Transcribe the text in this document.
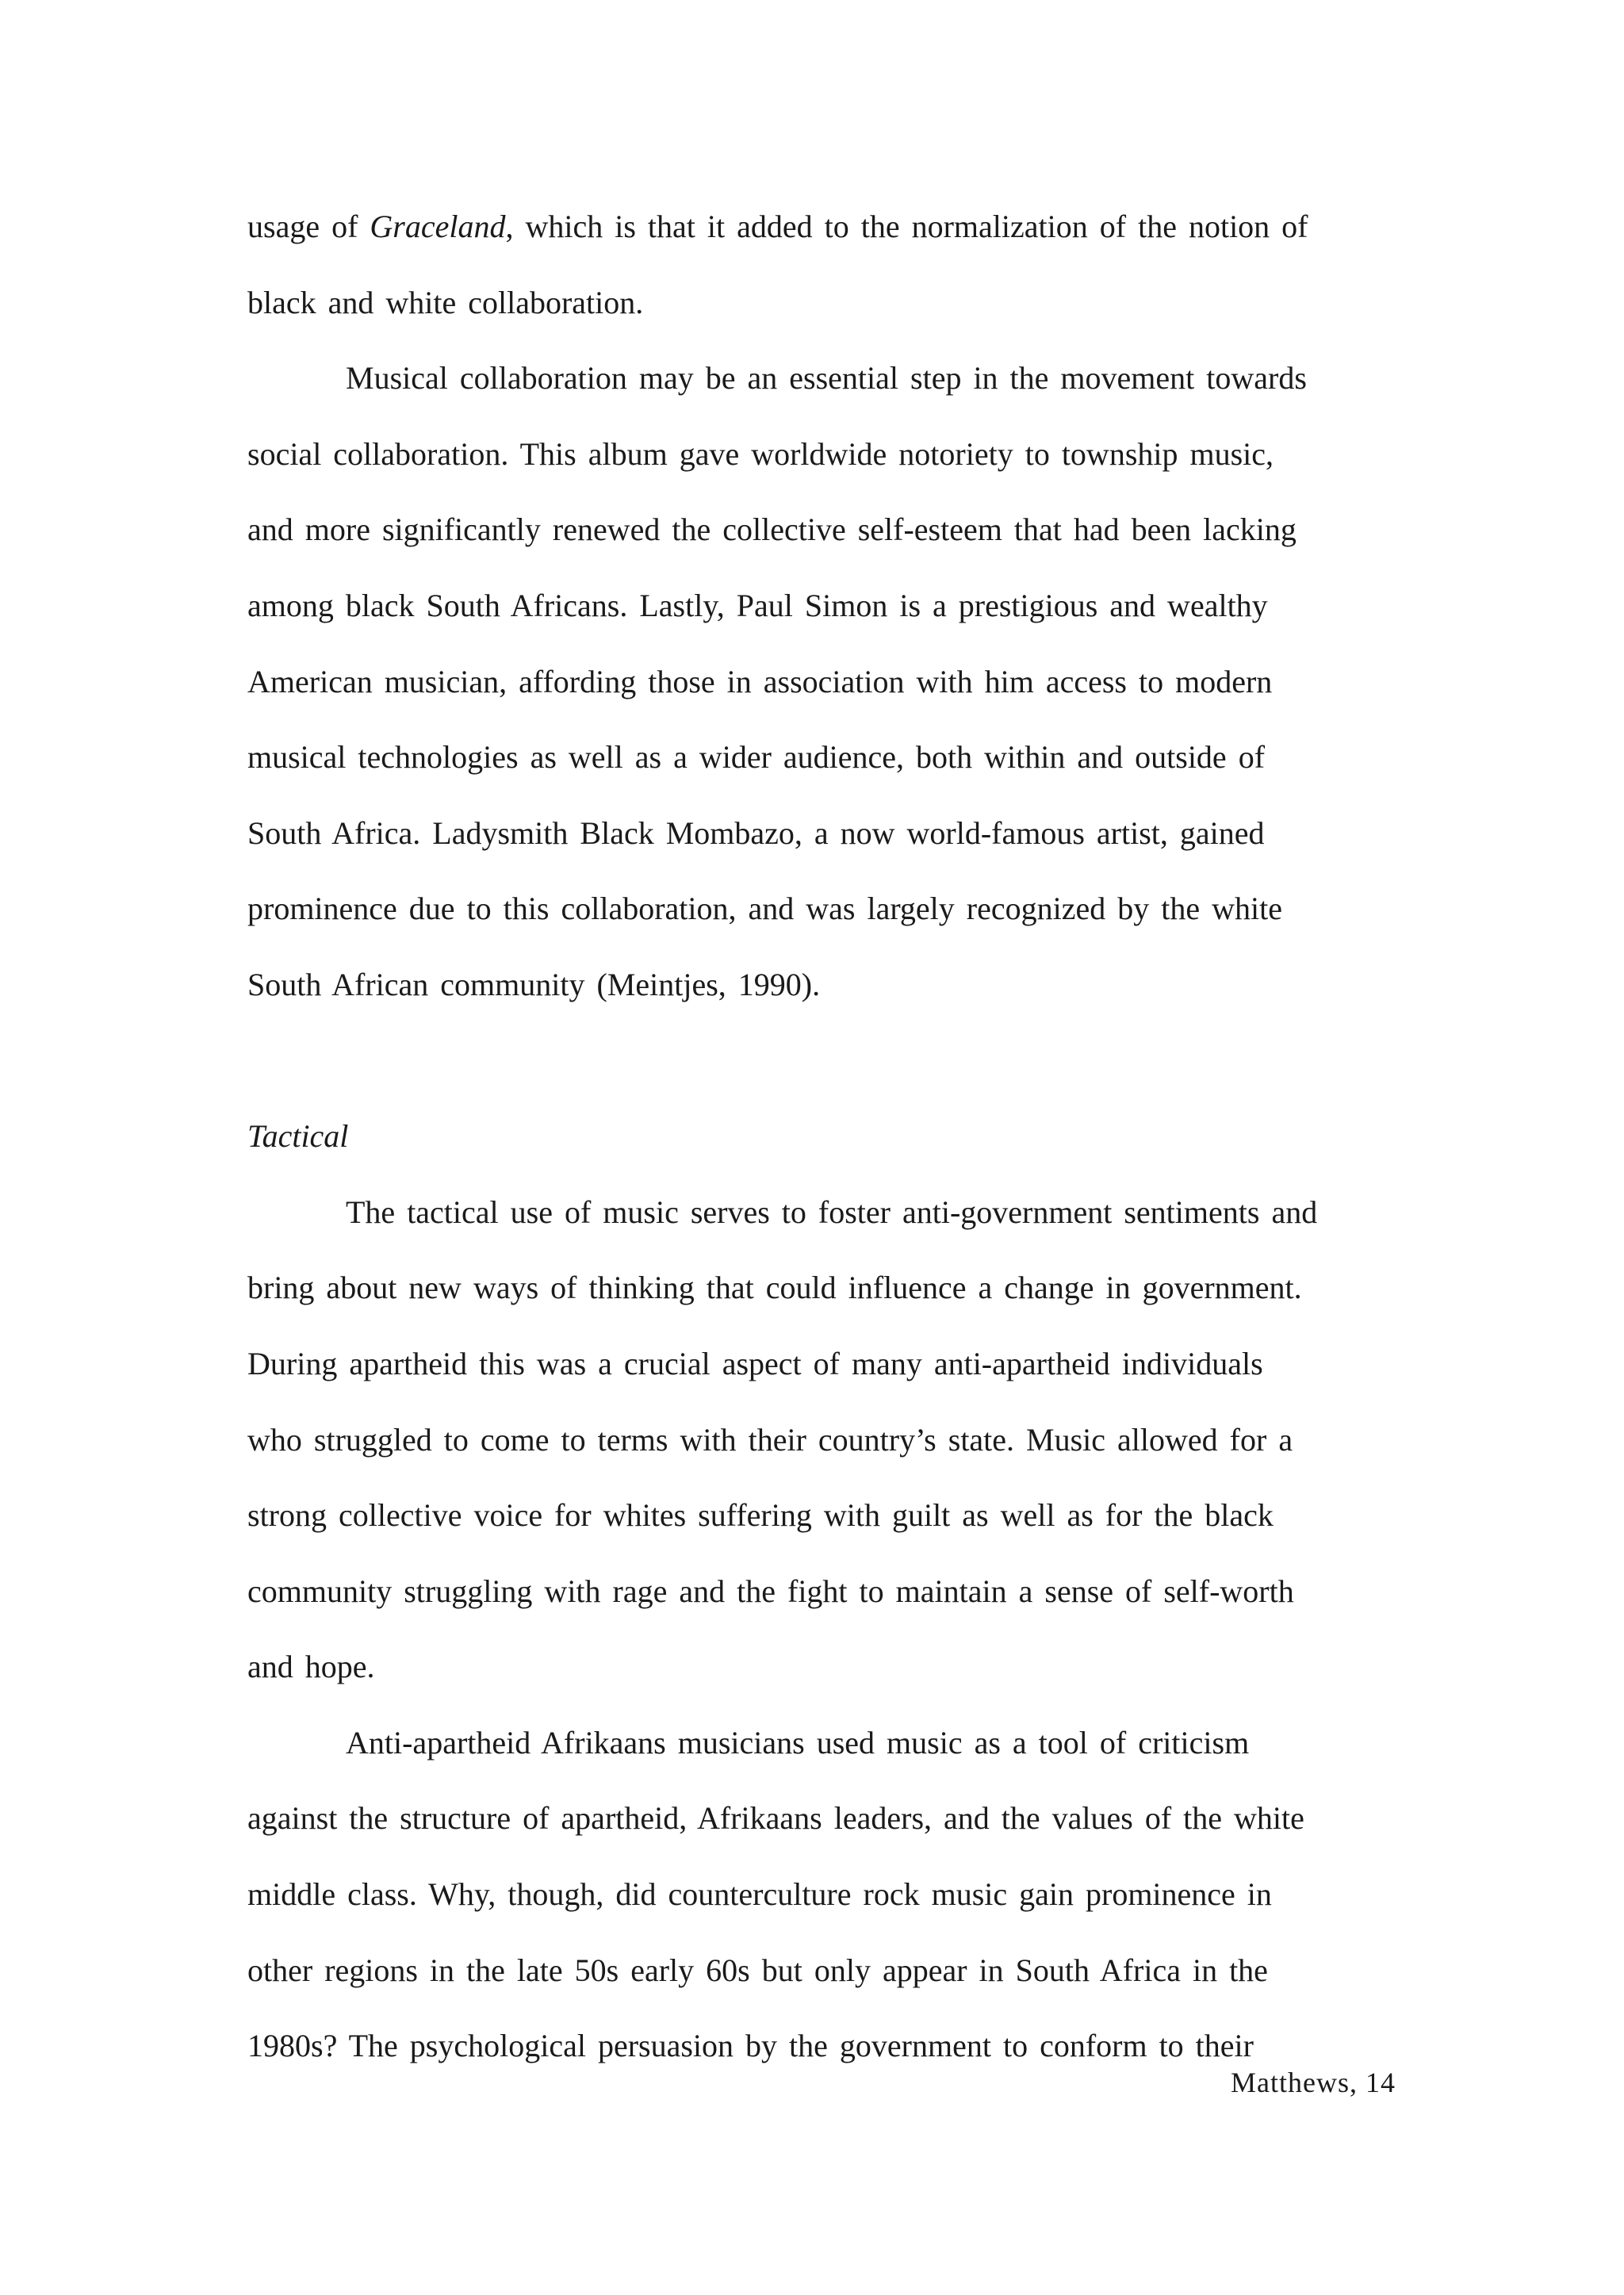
usage of Graceland, which is that it added to the normalization of the notion of
black and white collaboration.
Musical collaboration may be an essential step in the movement towards
social collaboration. This album gave worldwide notoriety to township music,
and more significantly renewed the collective self-esteem that had been lacking
among black South Africans. Lastly, Paul Simon is a prestigious and wealthy
American musician, affording those in association with him access to modern
musical technologies as well as a wider audience, both within and outside of
South Africa. Ladysmith Black Mombazo, a now world-famous artist, gained
prominence due to this collaboration, and was largely recognized by the white
South African community (Meintjes, 1990).
Tactical
The tactical use of music serves to foster anti-government sentiments and
bring about new ways of thinking that could influence a change in government.
During apartheid this was a crucial aspect of many anti-apartheid individuals
who struggled to come to terms with their country’s state. Music allowed for a
strong collective voice for whites suffering with guilt as well as for the black
community struggling with rage and the fight to maintain a sense of self-worth
and hope.
Anti-apartheid Afrikaans musicians used music as a tool of criticism
against the structure of apartheid, Afrikaans leaders, and the values of the white
middle class. Why, though, did counterculture rock music gain prominence in
other regions in the late 50s early 60s but only appear in South Africa in the
1980s? The psychological persuasion by the government to conform to their
Matthews, 14
